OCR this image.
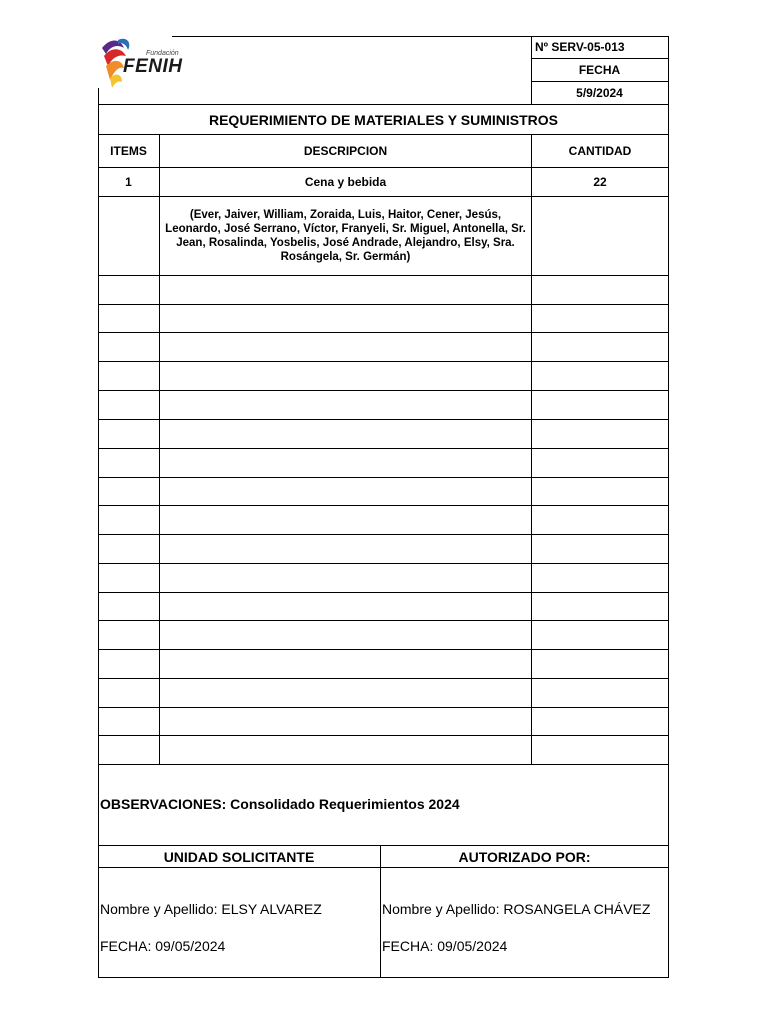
Fundación
FENIH
Nº SERV-05-013
FECHA
5/9/2024
REQUERIMIENTO DE MATERIALES Y SUMINISTROS
ITEMS	DESCRIPCION	CANTIDAD
1	Cena y bebida	22
(Ever, Jaiver, William, Zoraida, Luis, Haitor, Cener, Jesús, Leonardo, José Serrano, Víctor, Franyeli, Sr. Miguel, Antonella, Sr. Jean, Rosalinda, Yosbelis, José Andrade, Alejandro, Elsy, Sra. Rosángela, Sr. Germán)
OBSERVACIONES: Consolidado Requerimientos 2024
UNIDAD SOLICITANTE	AUTORIZADO POR:
Nombre y Apellido: ELSY ALVAREZ
FECHA: 09/05/2024
Nombre y Apellido: ROSANGELA CHÁVEZ
FECHA: 09/05/2024
